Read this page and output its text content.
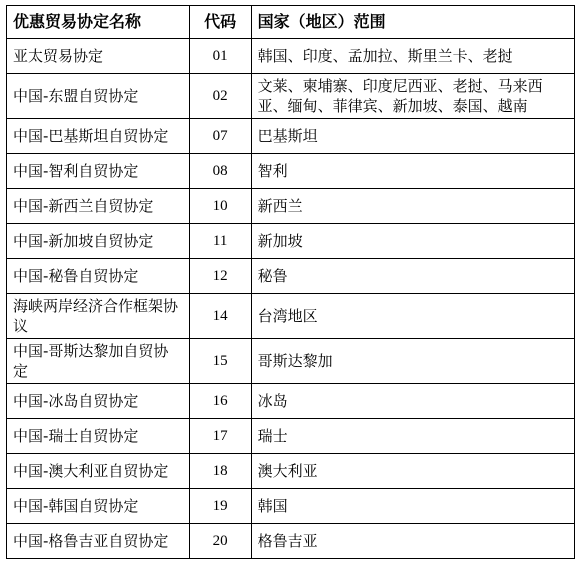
优惠贸易协定名称	代码	国家（地区）范围
亚太贸易协定	01	韩国、印度、孟加拉、斯里兰卡、老挝
中国-东盟自贸协定	02	文莱、柬埔寨、印度尼西亚、老挝、马来西亚、缅甸、菲律宾、新加坡、泰国、越南
中国-巴基斯坦自贸协定	07	巴基斯坦
中国-智利自贸协定	08	智利
中国-新西兰自贸协定	10	新西兰
中国-新加坡自贸协定	11	新加坡
中国-秘鲁自贸协定	12	秘鲁
海峡两岸经济合作框架协议	14	台湾地区
中国-哥斯达黎加自贸协定	15	哥斯达黎加
中国-冰岛自贸协定	16	冰岛
中国-瑞士自贸协定	17	瑞士
中国-澳大利亚自贸协定	18	澳大利亚
中国-韩国自贸协定	19	韩国
中国-格鲁吉亚自贸协定	20	格鲁吉亚
